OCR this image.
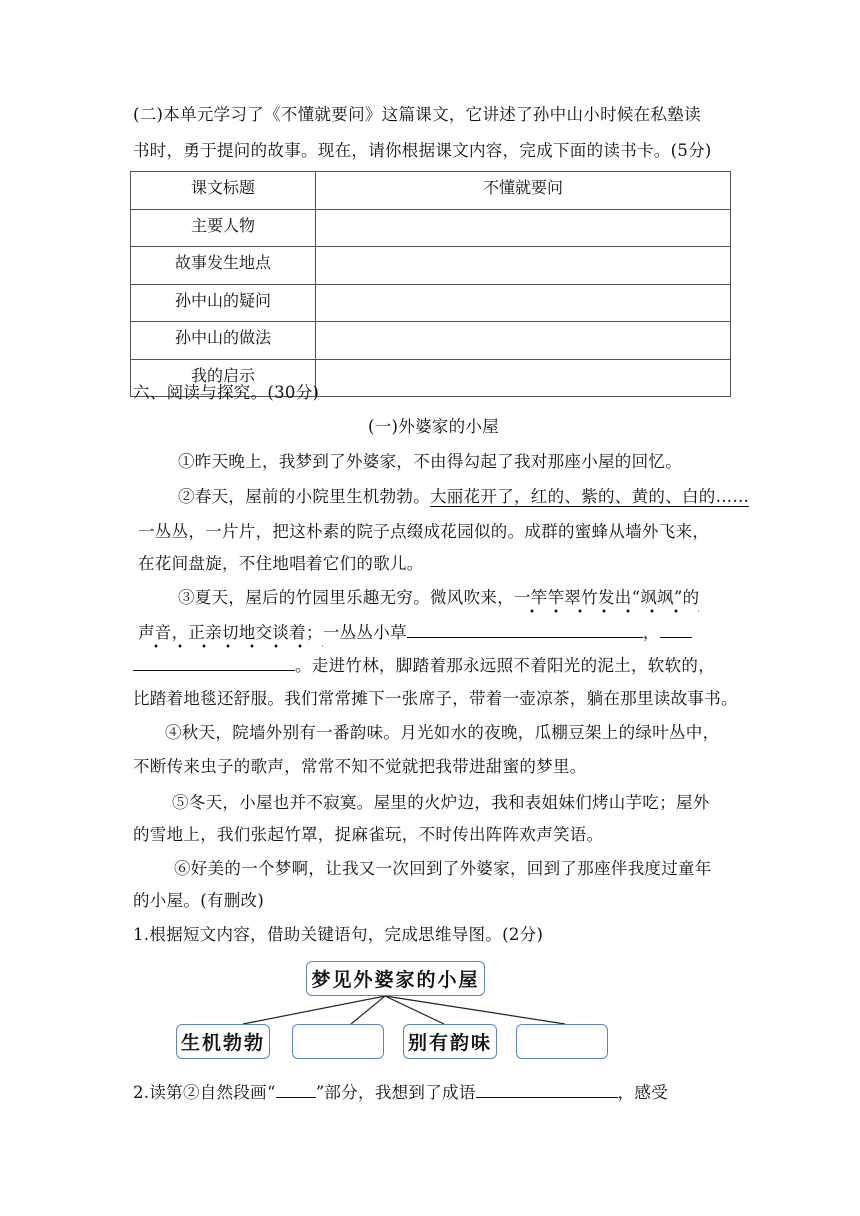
(二)本单元学习了《不懂就要问》这篇课文，它讲述了孙中山小时候在私塾读
书时，勇于提问的故事。现在，请你根据课文内容，完成下面的读书卡。(5分)
课文标题	不懂就要问
主要人物	
故事发生地点	
孙中山的疑问	
孙中山的做法	
我的启示	
六、阅读与探究。(30分)
(一)外婆家的小屋
①昨天晚上，我梦到了外婆家，不由得勾起了我对那座小屋的回忆。
②春天，屋前的小院里生机勃勃。大丽花开了，红的、紫的、黄的、白的……
一丛丛，一片片，把这朴素的院子点缀成花园似的。成群的蜜蜂从墙外飞来，
在花间盘旋，不住地唱着它们的歌儿。
③夏天，屋后的竹园里乐趣无穷。微风吹来，一竿竿翠竹发出“飒飒”的
声音，正亲切地交谈着；一丛丛小草	，
。走进竹林，脚踏着那永远照不着阳光的泥土，软软的，
比踏着地毯还舒服。我们常常摊下一张席子，带着一壶凉茶，躺在那里读故事书。
④秋天，院墙外别有一番韵味。月光如水的夜晚，瓜棚豆架上的绿叶丛中，
不断传来虫子的歌声，常常不知不觉就把我带进甜蜜的梦里。
⑤冬天，小屋也并不寂寞。屋里的火炉边，我和表姐妹们烤山芋吃；屋外
的雪地上，我们张起竹罩，捉麻雀玩，不时传出阵阵欢声笑语。
⑥好美的一个梦啊，让我又一次回到了外婆家，回到了那座伴我度过童年
的小屋。(有删改)
1.根据短文内容，借助关键语句，完成思维导图。(2分)
梦见外婆家的小屋
生机勃勃	别有韵味
2.读第②自然段画“ ”部分，我想到了成语	，感受
